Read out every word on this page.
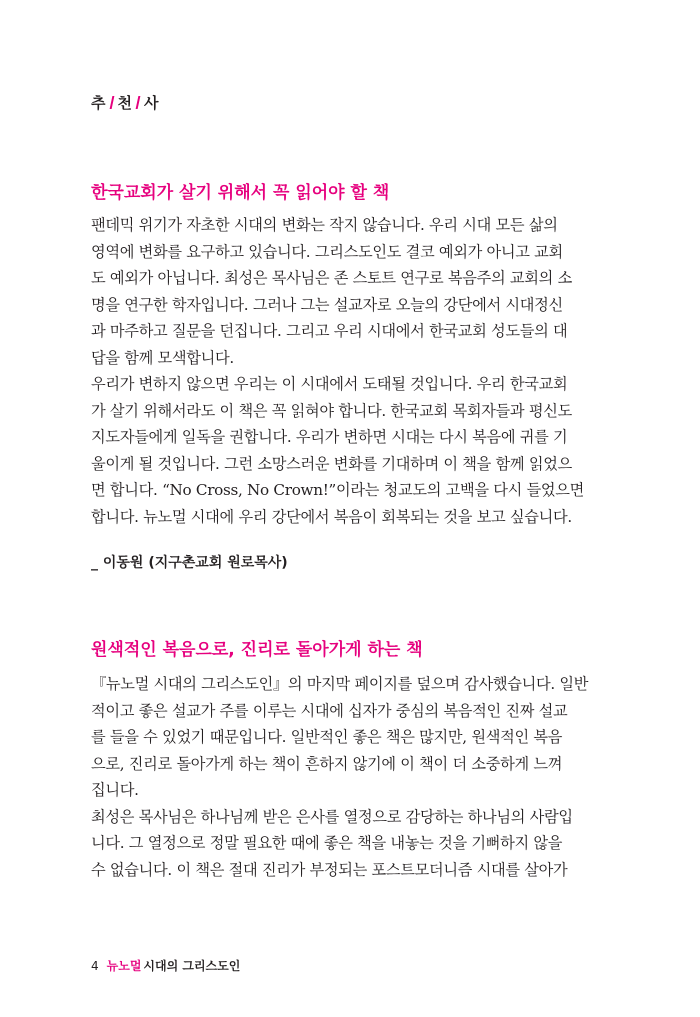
추 천 사
한국교회가 살기 위해서 꼭 읽어야 할 책
팬데믹 위기가 자초한 시대의 변화는 작지 않습니다. 우리 시대 모든 삶의
영역에 변화를 요구하고 있습니다. 그리스도인도 결코 예외가 아니고 교회
도 예외가 아닙니다. 최성은 목사님은 존 스토트 연구로 복음주의 교회의 소
명을 연구한 학자입니다. 그러나 그는 설교자로 오늘의 강단에서 시대정신
과 마주하고 질문을 던집니다. 그리고 우리 시대에서 한국교회 성도들의 대
답을 함께 모색합니다.
우리가 변하지 않으면 우리는 이 시대에서 도태될 것입니다. 우리 한국교회
가 살기 위해서라도 이 책은 꼭 읽혀야 합니다. 한국교회 목회자들과 평신도
지도자들에게 일독을 권합니다. 우리가 변하면 시대는 다시 복음에 귀를 기
울이게 될 것입니다. 그런 소망스러운 변화를 기대하며 이 책을 함께 읽었으
면 합니다. “No Cross, No Crown!”이라는 청교도의 고백을 다시 들었으면
합니다. 뉴노멀 시대에 우리 강단에서 복음이 회복되는 것을 보고 싶습니다.
_ 이동원 (지구촌교회 원로목사)
원색적인 복음으로, 진리로 돌아가게 하는 책
『뉴노멀 시대의 그리스도인』의 마지막 페이지를 덮으며 감사했습니다. 일반
적이고 좋은 설교가 주를 이루는 시대에 십자가 중심의 복음적인 진짜 설교
를 들을 수 있었기 때문입니다. 일반적인 좋은 책은 많지만, 원색적인 복음
으로, 진리로 돌아가게 하는 책이 흔하지 않기에 이 책이 더 소중하게 느껴
집니다.
최성은 목사님은 하나님께 받은 은사를 열정으로 감당하는 하나님의 사람입
니다. 그 열정으로 정말 필요한 때에 좋은 책을 내놓는 것을 기뻐하지 않을
수 없습니다. 이 책은 절대 진리가 부정되는 포스트모더니즘 시대를 살아가
4 뉴노멀 시대의 그리스도인
